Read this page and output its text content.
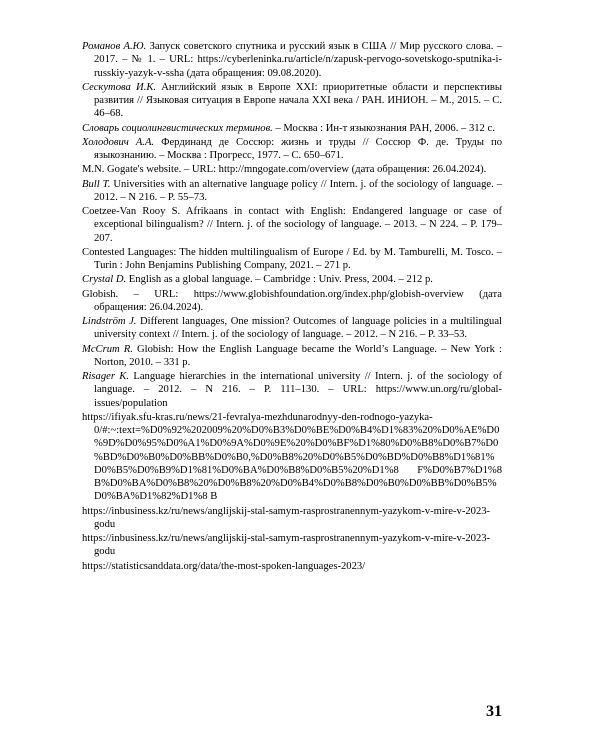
Романов А.Ю. Запуск советского спутника и русский язык в США // Мир русского слова. – 2017. – № 1. – URL: https://cyberleninka.ru/article/n/zapusk-pervogo-sovetskogo-sputnika-i-russkiy-yazyk-v-ssha (дата обращения: 09.08.2020).
Сескутова И.К. Английский язык в Европе XXI: приоритетные области и перспективы развития // Языковая ситуация в Европе начала XXI века / РАН. ИНИОН. – М., 2015. – С. 46–68.
Словарь социолингвистических терминов. – Москва : Ин-т языкознания РАН, 2006. – 312 с.
Холодович А.А. Фердинанд де Соссюр: жизнь и труды // Соссюр Ф. де. Труды по языкознанию. – Москва : Прогресс, 1977. – С. 650–671.
M.N. Gogate's website. – URL: http://mngogate.com/overview (дата обращения: 26.04.2024).
Bull T. Universities with an alternative language policy // Intern. j. of the sociology of language. – 2012. – N 216. – P. 55–73.
Coetzee-Van Rooy S. Afrikaans in contact with English: Endangered language or case of exceptional bilingualism? // Intern. j. of the sociology of language. – 2013. – N 224. – P. 179–207.
Contested Languages: The hidden multilingualism of Europe / Ed. by M. Tamburelli, M. Tosco. – Turin : John Benjamins Publishing Company, 2021. – 271 p.
Crystal D. English as a global language. – Cambridge : Univ. Press, 2004. – 212 p.
Globish. – URL: https://www.globishfoundation.org/index.php/globish-overview (дата обращения: 26.04.2024).
Lindström J. Different languages, One mission? Outcomes of language policies in a multilingual university context // Intern. j. of the sociology of language. – 2012. – N 216. – P. 33–53.
McCrum R. Globish: How the English Language became the World’s Language. – New York : Norton, 2010. – 331 p.
Risager K. Language hierarchies in the international university // Intern. j. of the sociology of language. – 2012. – N 216. – P. 111–130. – URL: https://www.un.org/ru/global-issues/population
https://ifiyak.sfu-kras.ru/news/21-fevralya-mezhdunarodnyy-den-rodnogo-yazyka-0/#:~:text=%D0%92%202009%20%D0%B3%D0%BE%D0%B4%D1%83%20%D0%AE%D0%9D%D0%95%D0%A1%D0%9A%D0%9E%20%D0%BF%D1%80%D0%B8%D0%B7%D0%BD%D0%B0%D0%BB%D0%B0,%D0%B8%20%D0%B5%D0%BD%D0%B8%D1%81%D0%B5%D0%B9%D1%81%D0%BA%D0%B8%D0%B5%20%D1%8 F%D0%B7%D1%8 B%D0%BA%D0%B8%20%D0%B8%20%D0%B4%D0%B8%D0%B0%D0%BB%D0%B5%D0%BA%D1%82%D1%8 B
https://inbusiness.kz/ru/news/anglijskij-stal-samym-rasprostranennym-yazykom-v-mire-v-2023-godu
https://inbusiness.kz/ru/news/anglijskij-stal-samym-rasprostranennym-yazykom-v-mire-v-2023-godu
https://statisticsanddata.org/data/the-most-spoken-languages-2023/
31
